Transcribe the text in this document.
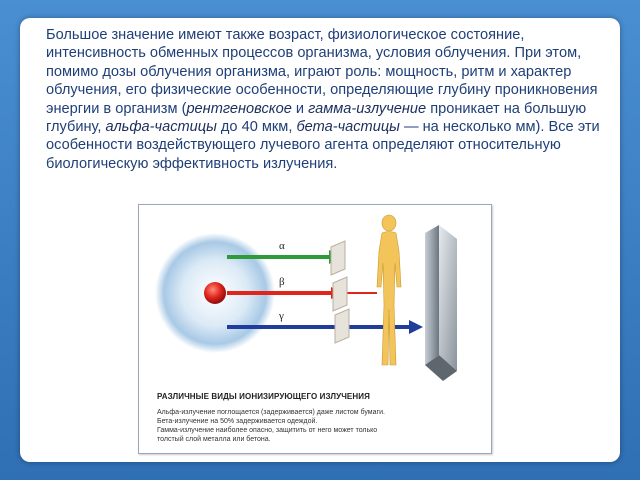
Большое значение имеют также возраст, физиологическое состояние, интенсивность обменных процессов организма, условия облучения. При этом, помимо дозы облучения организма, играют роль: мощность, ритм и характер облучения, его физические особенности, определяющие глубину проникновения энергии в организм (рентгеновское и гамма-излучение проникает на большую глубину, альфа-частицы до 40 мкм, бета-частицы — на несколько мм). Все эти особенности воздействующего лучевого агента определяют относительную биологическую эффективность излучения.
α
β
γ
РАЗЛИЧНЫЕ ВИДЫ ИОНИЗИРУЮЩЕГО ИЗЛУЧЕНИЯ
Альфа-излучение поглощается (задерживается) даже листом бумаги.
Бета-излучение на 50% задерживается одеждой.
Гамма-излучение наиболее опасно, защитить от него может только
толстый слой металла или бетона.
